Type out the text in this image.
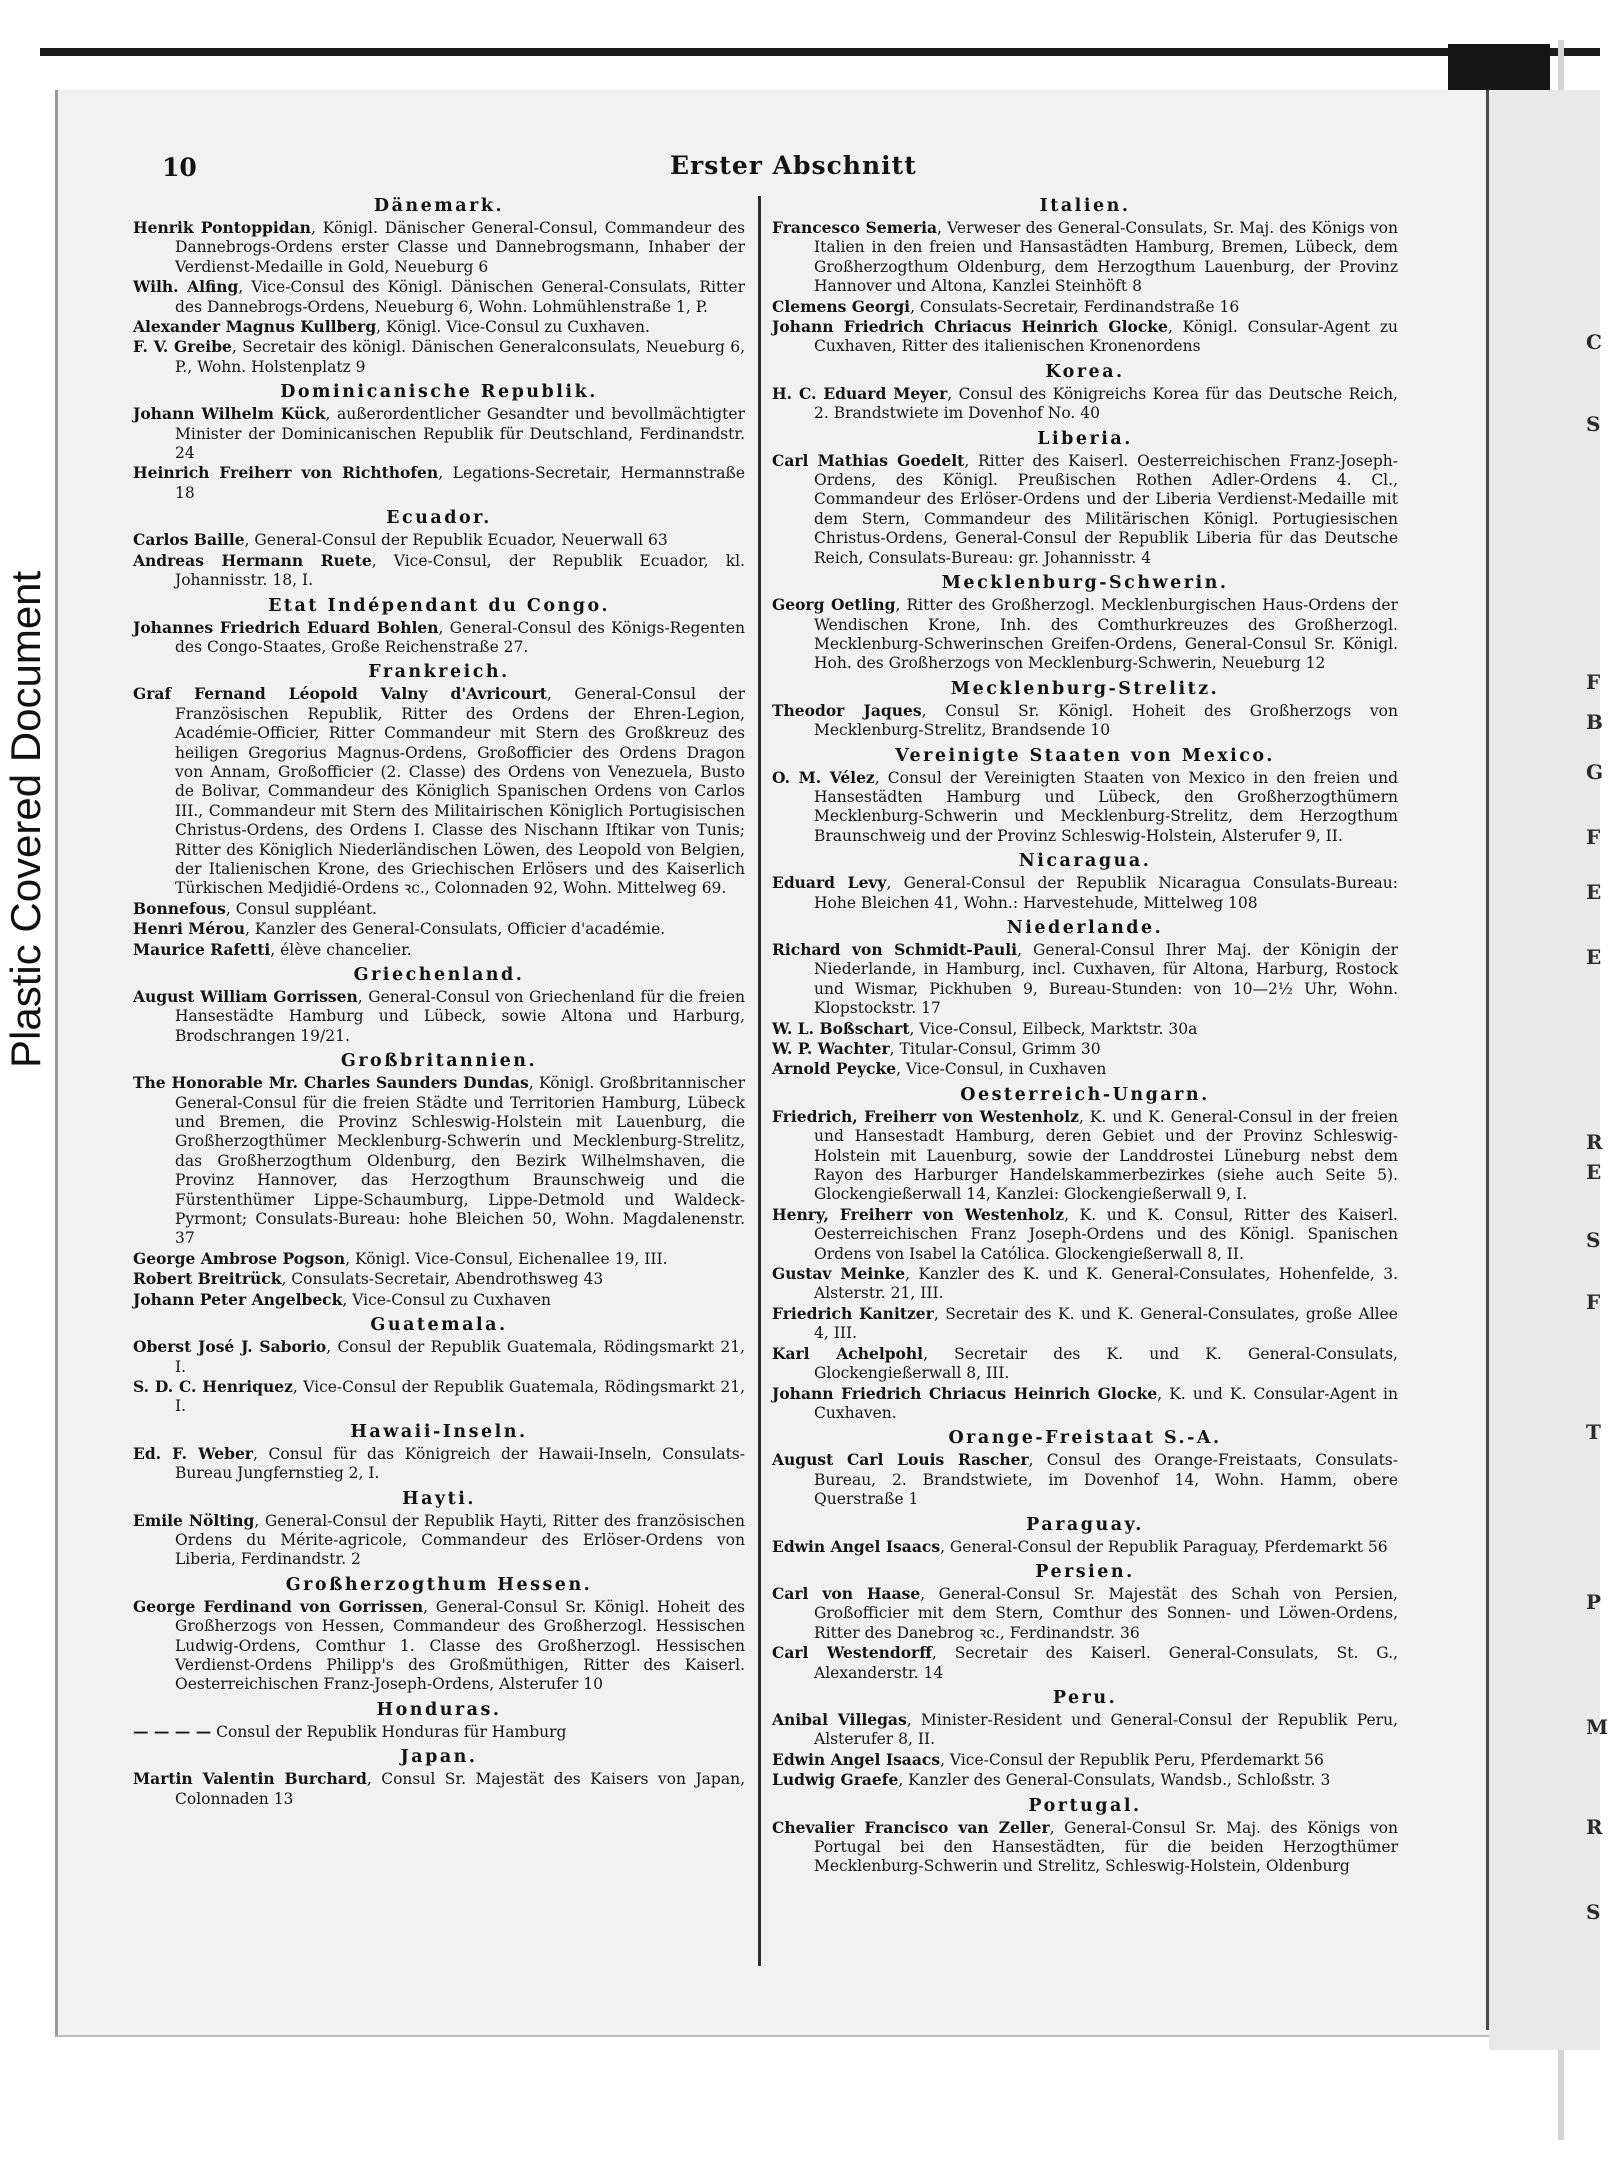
Plastic Covered Document
C
S
F
B
G
F
E
E
R
E
S
F
T
P
M
R
S
10	Erster Abschnitt
Dänemark.
Henrik Pontoppidan, Königl. Dänischer General-Consul, Commandeur des Dannebrogs-Ordens erster Classe und Dannebrogsmann, Inhaber der Verdienst-Medaille in Gold, Neueburg 6
Wilh. Alfing, Vice-Consul des Königl. Dänischen General-Consulats, Ritter des Dannebrogs-Ordens, Neueburg 6, Wohn. Lohmühlenstraße 1, P.
Alexander Magnus Kullberg, Königl. Vice-Consul zu Cuxhaven.
F. V. Greibe, Secretair des königl. Dänischen Generalconsulats, Neueburg 6, P., Wohn. Holstenplatz 9
Dominicanische Republik.
Johann Wilhelm Kück, außerordentlicher Gesandter und bevollmächtigter Minister der Dominicanischen Republik für Deutschland, Ferdinandstr. 24
Heinrich Freiherr von Richthofen, Legations-Secretair, Hermannstraße 18
Ecuador.
Carlos Baille, General-Consul der Republik Ecuador, Neuerwall 63
Andreas Hermann Ruete, Vice-Consul, der Republik Ecuador, kl. Johannisstr. 18, I.
Etat Indépendant du Congo.
Johannes Friedrich Eduard Bohlen, General-Consul des Königs-Regenten des Congo-Staates, Große Reichenstraße 27.
Frankreich.
Graf Fernand Léopold Valny d'Avricourt, General-Consul der Französischen Republik, Ritter des Ordens der Ehren-Legion, Académie-Officier, Ritter Commandeur mit Stern des Großkreuz des heiligen Gregorius Magnus-Ordens, Großofficier des Ordens Dragon von Annam, Großofficier (2. Classe) des Ordens von Venezuela, Busto de Bolivar, Commandeur des Königlich Spanischen Ordens von Carlos III., Commandeur mit Stern des Militairischen Königlich Portugisischen Christus-Ordens, des Ordens I. Classe des Nischann Iftikar von Tunis; Ritter des Königlich Niederländischen Löwen, des Leopold von Belgien, der Italienischen Krone, des Griechischen Erlösers und des Kaiserlich Türkischen Medjidié-Ordens ꝛc., Colonnaden 92, Wohn. Mittelweg 69.
Bonnefous, Consul suppléant.
Henri Mérou, Kanzler des General-Consulats, Officier d'académie.
Maurice Rafetti, élève chancelier.
Griechenland.
August William Gorrissen, General-Consul von Griechenland für die freien Hansestädte Hamburg und Lübeck, sowie Altona und Harburg, Brodschrangen 19/21.
Großbritannien.
The Honorable Mr. Charles Saunders Dundas, Königl. Großbritannischer General-Consul für die freien Städte und Territorien Hamburg, Lübeck und Bremen, die Provinz Schleswig-Holstein mit Lauenburg, die Großherzogthümer Mecklenburg-Schwerin und Mecklenburg-Strelitz, das Großherzogthum Oldenburg, den Bezirk Wilhelmshaven, die Provinz Hannover, das Herzogthum Braunschweig und die Fürstenthümer Lippe-Schaumburg, Lippe-Detmold und Waldeck-Pyrmont; Consulats-Bureau: hohe Bleichen 50, Wohn. Magdalenenstr. 37
George Ambrose Pogson, Königl. Vice-Consul, Eichenallee 19, III.
Robert Breitrück, Consulats-Secretair, Abendrothsweg 43
Johann Peter Angelbeck, Vice-Consul zu Cuxhaven
Guatemala.
Oberst José J. Saborio, Consul der Republik Guatemala, Rödingsmarkt 21, I.
S. D. C. Henriquez, Vice-Consul der Republik Guatemala, Rödingsmarkt 21, I.
Hawaii-Inseln.
Ed. F. Weber, Consul für das Königreich der Hawaii-Inseln, Consulats-Bureau Jungfernstieg 2, I.
Hayti.
Emile Nölting, General-Consul der Republik Hayti, Ritter des französischen Ordens du Mérite-agricole, Commandeur des Erlöser-Ordens von Liberia, Ferdinandstr. 2
Großherzogthum Hessen.
George Ferdinand von Gorrissen, General-Consul Sr. Königl. Hoheit des Großherzogs von Hessen, Commandeur des Großherzogl. Hessischen Ludwig-Ordens, Comthur 1. Classe des Großherzogl. Hessischen Verdienst-Ordens Philipp's des Großmüthigen, Ritter des Kaiserl. Oesterreichischen Franz-Joseph-Ordens, Alsterufer 10
Honduras.
— — — — Consul der Republik Honduras für Hamburg
Japan.
Martin Valentin Burchard, Consul Sr. Majestät des Kaisers von Japan, Colonnaden 13
Italien.
Francesco Semeria, Verweser des General-Consulats, Sr. Maj. des Königs von Italien in den freien und Hansastädten Hamburg, Bremen, Lübeck, dem Großherzogthum Oldenburg, dem Herzogthum Lauenburg, der Provinz Hannover und Altona, Kanzlei Steinhöft 8
Clemens Georgi, Consulats-Secretair, Ferdinandstraße 16
Johann Friedrich Chriacus Heinrich Glocke, Königl. Consular-Agent zu Cuxhaven, Ritter des italienischen Kronenordens
Korea.
H. C. Eduard Meyer, Consul des Königreichs Korea für das Deutsche Reich, 2. Brandstwiete im Dovenhof No. 40
Liberia.
Carl Mathias Goedelt, Ritter des Kaiserl. Oesterreichischen Franz-Joseph-Ordens, des Königl. Preußischen Rothen Adler-Ordens 4. Cl., Commandeur des Erlöser-Ordens und der Liberia Verdienst-Medaille mit dem Stern, Commandeur des Militärischen Königl. Portugiesischen Christus-Ordens, General-Consul der Republik Liberia für das Deutsche Reich, Consulats-Bureau: gr. Johannisstr. 4
Mecklenburg-Schwerin.
Georg Oetling, Ritter des Großherzogl. Mecklenburgischen Haus-Ordens der Wendischen Krone, Inh. des Comthurkreuzes des Großherzogl. Mecklenburg-Schwerinschen Greifen-Ordens, General-Consul Sr. Königl. Hoh. des Großherzogs von Mecklenburg-Schwerin, Neueburg 12
Mecklenburg-Strelitz.
Theodor Jaques, Consul Sr. Königl. Hoheit des Großherzogs von Mecklenburg-Strelitz, Brandsende 10
Vereinigte Staaten von Mexico.
O. M. Vélez, Consul der Vereinigten Staaten von Mexico in den freien und Hansestädten Hamburg und Lübeck, den Großherzogthümern Mecklenburg-Schwerin und Mecklenburg-Strelitz, dem Herzogthum Braunschweig und der Provinz Schleswig-Holstein, Alsterufer 9, II.
Nicaragua.
Eduard Levy, General-Consul der Republik Nicaragua Consulats-Bureau: Hohe Bleichen 41, Wohn.: Harvestehude, Mittelweg 108
Niederlande.
Richard von Schmidt-Pauli, General-Consul Ihrer Maj. der Königin der Niederlande, in Hamburg, incl. Cuxhaven, für Altona, Harburg, Rostock und Wismar, Pickhuben 9, Bureau-Stunden: von 10—2½ Uhr, Wohn. Klopstockstr. 17
W. L. Boßschart, Vice-Consul, Eilbeck, Marktstr. 30a
W. P. Wachter, Titular-Consul, Grimm 30
Arnold Peycke, Vice-Consul, in Cuxhaven
Oesterreich-Ungarn.
Friedrich, Freiherr von Westenholz, K. und K. General-Consul in der freien und Hansestadt Hamburg, deren Gebiet und der Provinz Schleswig-Holstein mit Lauenburg, sowie der Landdrostei Lüneburg nebst dem Rayon des Harburger Handelskammerbezirkes (siehe auch Seite 5). Glockengießerwall 14, Kanzlei: Glockengießerwall 9, I.
Henry, Freiherr von Westenholz, K. und K. Consul, Ritter des Kaiserl. Oesterreichischen Franz Joseph-Ordens und des Königl. Spanischen Ordens von Isabel la Católica. Glockengießerwall 8, II.
Gustav Meinke, Kanzler des K. und K. General-Consulates, Hohenfelde, 3. Alsterstr. 21, III.
Friedrich Kanitzer, Secretair des K. und K. General-Consulates, große Allee 4, III.
Karl Achelpohl, Secretair des K. und K. General-Consulats, Glockengießerwall 8, III.
Johann Friedrich Chriacus Heinrich Glocke, K. und K. Consular-Agent in Cuxhaven.
Orange-Freistaat S.-A.
August Carl Louis Rascher, Consul des Orange-Freistaats, Consulats-Bureau, 2. Brandstwiete, im Dovenhof 14, Wohn. Hamm, obere Querstraße 1
Paraguay.
Edwin Angel Isaacs, General-Consul der Republik Paraguay, Pferdemarkt 56
Persien.
Carl von Haase, General-Consul Sr. Majestät des Schah von Persien, Großofficier mit dem Stern, Comthur des Sonnen- und Löwen-Ordens, Ritter des Danebrog ꝛc., Ferdinandstr. 36
Carl Westendorff, Secretair des Kaiserl. General-Consulats, St. G., Alexanderstr. 14
Peru.
Anibal Villegas, Minister-Resident und General-Consul der Republik Peru, Alsterufer 8, II.
Edwin Angel Isaacs, Vice-Consul der Republik Peru, Pferdemarkt 56
Ludwig Graefe, Kanzler des General-Consulats, Wandsb., Schloßstr. 3
Portugal.
Chevalier Francisco van Zeller, General-Consul Sr. Maj. des Königs von Portugal bei den Hansestädten, für die beiden Herzogthümer Mecklenburg-Schwerin und Strelitz, Schleswig-Holstein, Oldenburg
